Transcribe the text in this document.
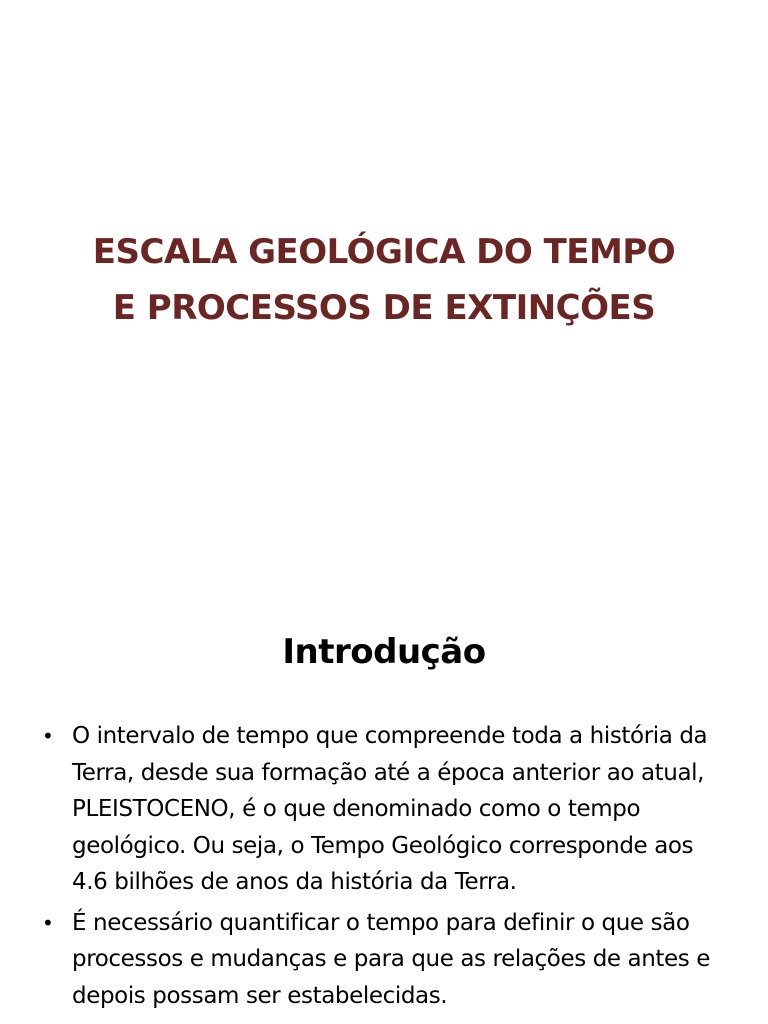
ESCALA GEOLÓGICA DO TEMPO
E PROCESSOS DE EXTINÇÕES
Introdução
• O intervalo de tempo que compreende toda a história da Terra, desde sua formação até a época anterior ao atual, PLEISTOCENO, é o que denominado como o tempo geológico. Ou seja, o Tempo Geológico corresponde aos 4.6 bilhões de anos da história da Terra.
• É necessário quantificar o tempo para definir o que são processos e mudanças e para que as relações de antes e depois possam ser estabelecidas.
